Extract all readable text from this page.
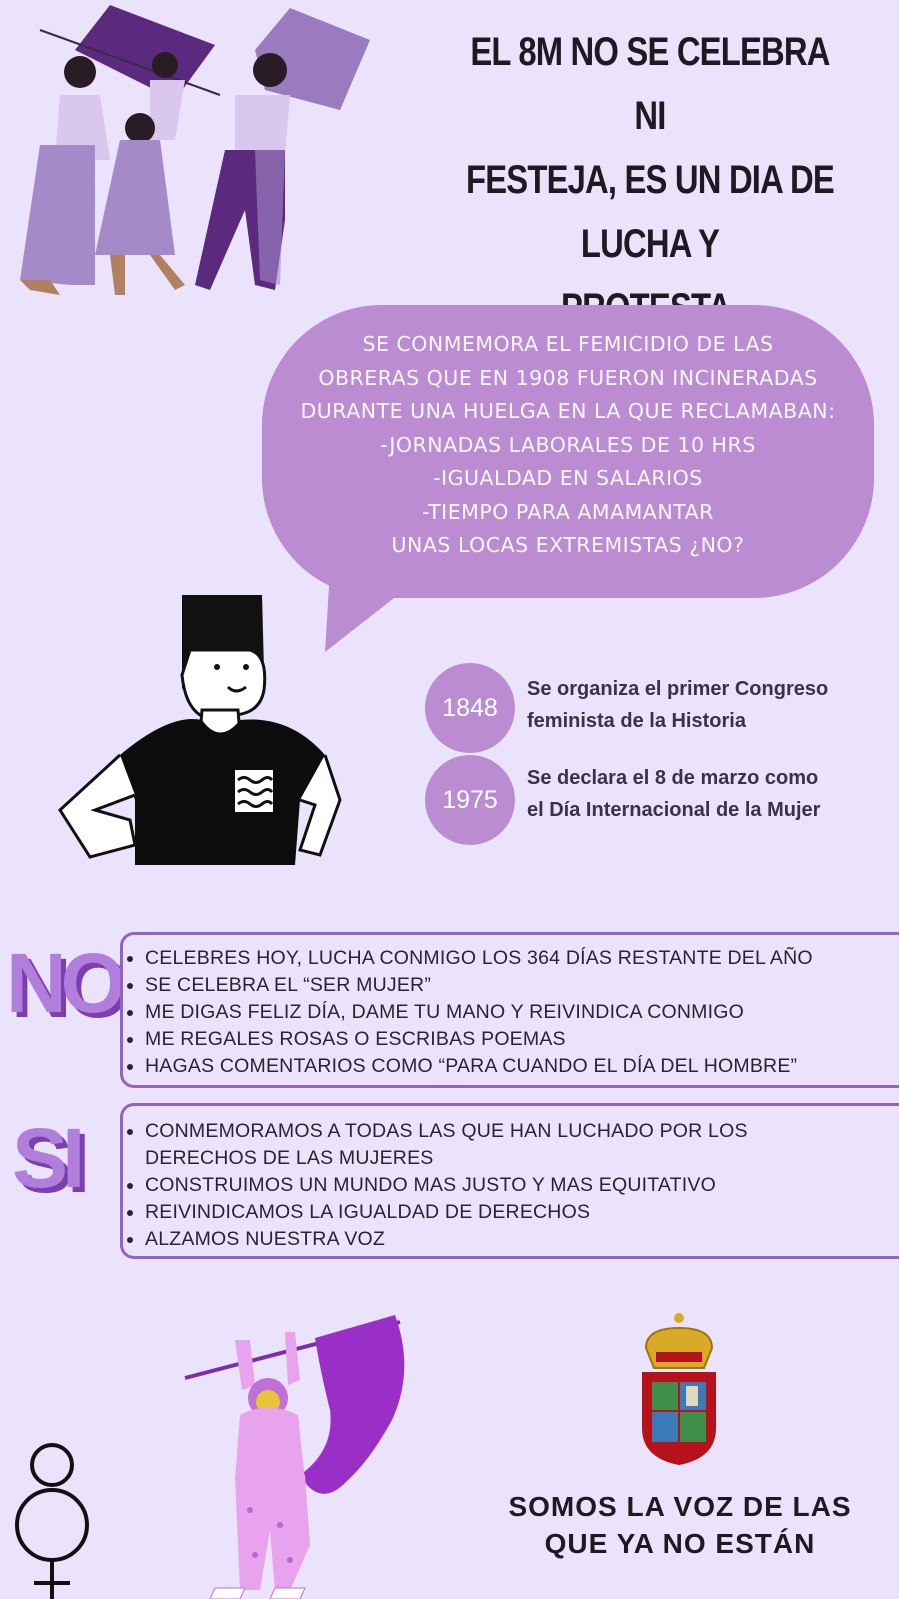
EL 8M NO SE CELEBRA NI
FESTEJA, ES UN DIA DE LUCHA Y
SE CONMEMORA EL FEMICIDIO DE LAS
OBRERAS QUE EN 1908 FUERON INCINERADAS
DURANTE UNA HUELGA EN LA QUE RECLAMABAN:
-JORNADAS LABORALES DE 10 HRS
-IGUALDAD EN SALARIOS
-TIEMPO PARA AMAMANTAR
UNAS LOCAS EXTREMISTAS ¿NO?
1848
Se organiza el primer Congreso
feminista de la Historia
1975
Se declara el 8 de marzo como
el Día Internacional de la Mujer
NO • CELEBRES HOY, LUCHA CONMIGO LOS 364 DÍAS RESTANTE DEL AÑO
• SE CELEBRA EL “SER MUJER”
• ME DIGAS FELIZ DÍA, DAME TU MANO Y REIVINDICA CONMIGO
• ME REGALES ROSAS O ESCRIBAS POEMAS
• HAGAS COMENTARIOS COMO “PARA CUANDO EL DÍA DEL HOMBRE”
SI	• CONMEMORAMOS A TODAS LAS QUE HAN LUCHADO POR LOS DERECHOS DE LAS MUJERES
• CONSTRUIMOS UN MUNDO MAS JUSTO Y MAS EQUITATIVO
• REIVINDICAMOS LA IGUALDAD DE DERECHOS
• ALZAMOS NUESTRA VOZ
SOMOS LA VOZ DE LAS
QUE YA NO ESTÁN
